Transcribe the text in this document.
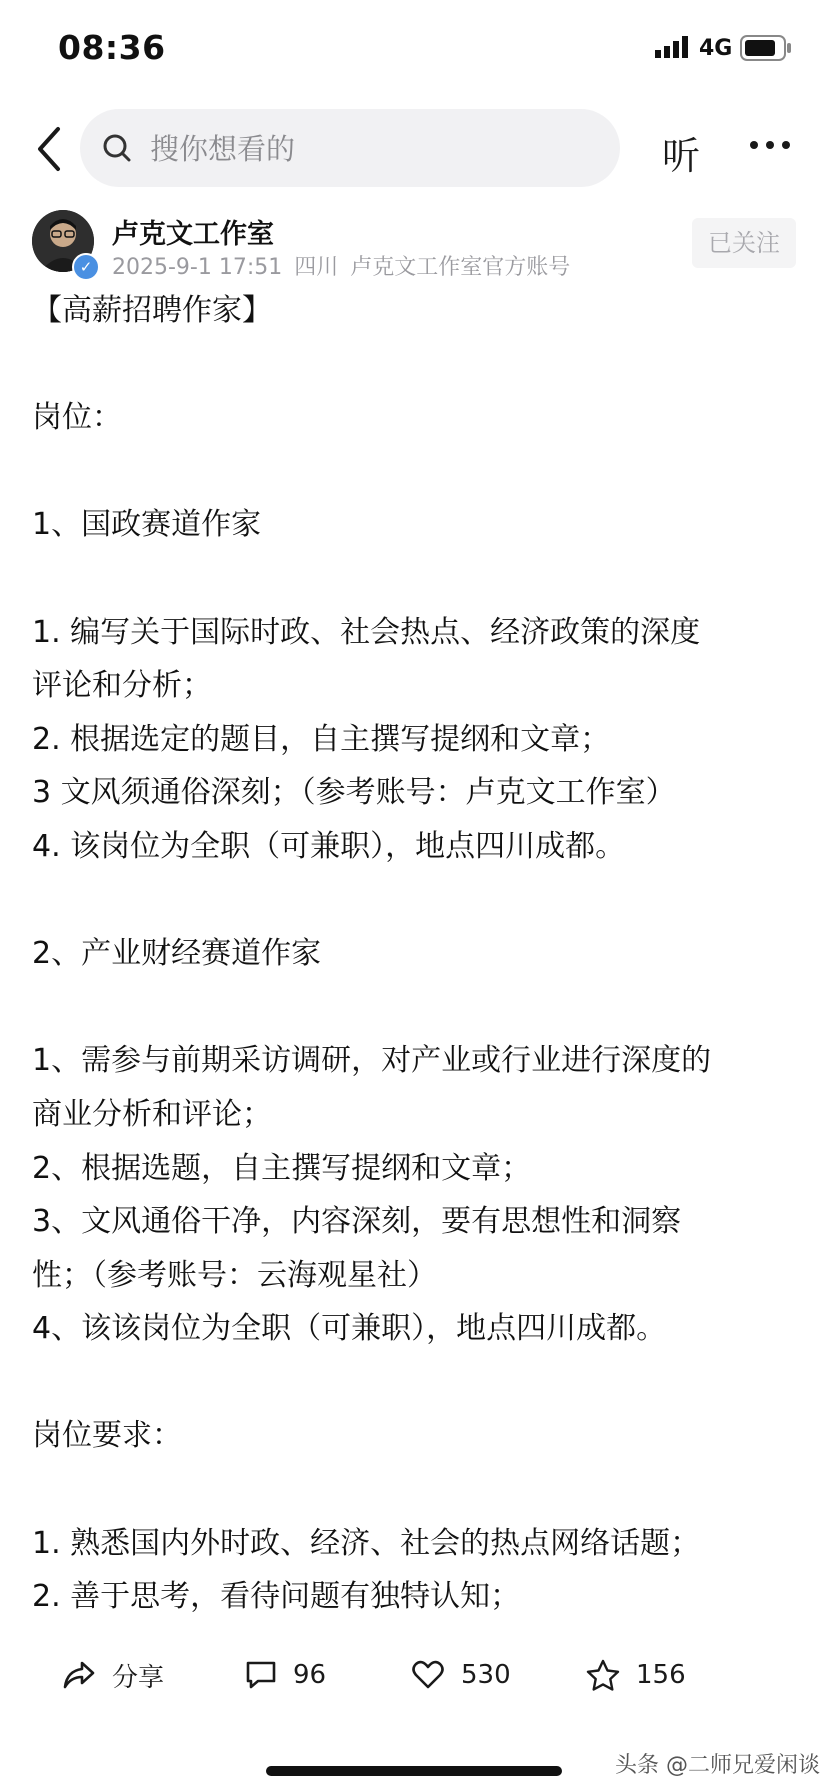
08:36	4G
搜你想看的
听
✓
卢克文工作室
2025-9-1 17:51 四川 卢克文工作室官方账号
已关注

【高薪招聘作家】

岗位：

1、国政赛道作家

1. 编写关于国际时政、社会热点、经济政策的深度

评论和分析；

2. 根据选定的题目，自主撰写提纲和文章；

3 文风须通俗深刻；（参考账号：卢克文工作室）

4. 该岗位为全职（可兼职），地点四川成都。

2、产业财经赛道作家

1、需参与前期采访调研，对产业或行业进行深度的

商业分析和评论；

2、根据选题，自主撰写提纲和文章；

3、文风通俗干净，内容深刻，要有思想性和洞察

性；（参考账号：云海观星社）

4、该该岗位为全职（可兼职），地点四川成都。

岗位要求：

1. 熟悉国内外时政、经济、社会的热点网络话题；

2. 善于思考，看待问题有独特认知；

分享	96	530	156
头条 @二师兄爱闲谈
